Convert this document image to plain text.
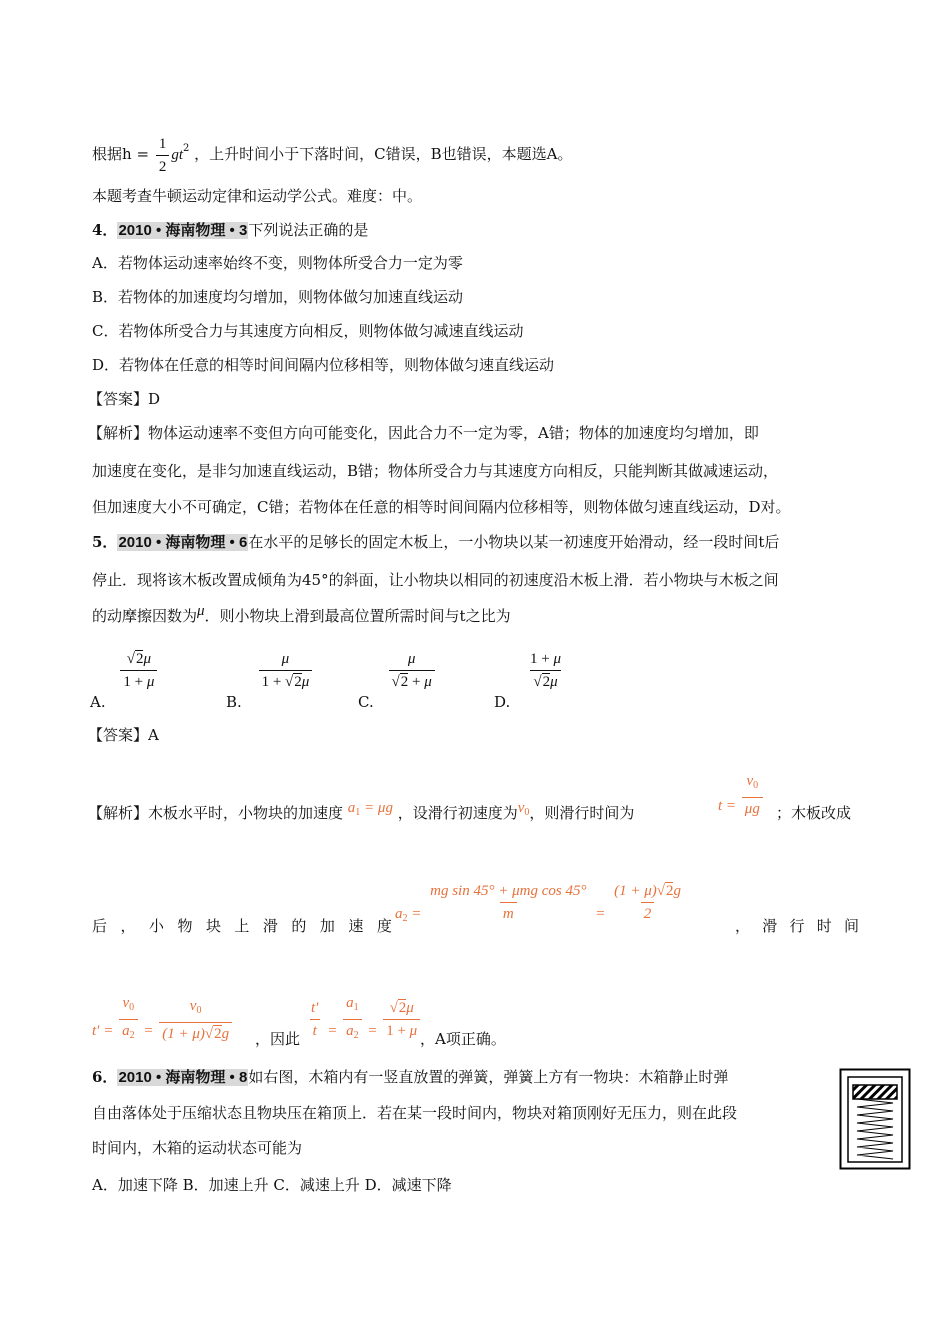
根据$h = \frac{1}{2} gt^2$ ，上升时间小于下落时间，C错误，B也错误，本题选A。
本题考查牛顿运动定律和运动学公式。难度：中。
4．2010 • 海南物理 • 3下列说法正确的是
A．若物体运动速率始终不变，则物体所受合力一定为零
B．若物体的加速度均匀增加，则物体做匀加速直线运动
C．若物体所受合力与其速度方向相反，则物体做匀减速直线运动
D．若物体在任意的相等时间间隔内位移相等，则物体做匀速直线运动
【答案】D
【解析】物体运动速率不变但方向可能变化，因此合力不一定为零，A错；物体的加速度均匀增加，即
加速度在变化，是非匀加速直线运动，B错；物体所受合力与其速度方向相反，只能判断其做减速运动，
但加速度大小不可确定，C错；若物体在任意的相等时间间隔内位移相等，则物体做匀速直线运动，D对。
5．2010 • 海南物理 • 6在水平的足够长的固定木板上，一小物块以某一初速度开始滑动，经一段时间t后
停止．现将该木板改置成倾角为45°的斜面，让小物块以相同的初速度沿木板上滑．若小物块与木板之间
的动摩擦因数为μ．则小物块上滑到最高位置所需时间与t之比为
A.
$\frac{√2\mu}{1 + \mu}$
B.
$\frac{\mu}{1 + √2\mu}$
C.
$\frac{\mu}{√2 + \mu}$
D.
$\frac{1 + \mu}{√2\mu}$
【答案】A
【解析】木板水平时，小物块的加速度 $a_1 = \mu g$ ，设滑行初速度为$v_0$，则滑行时间为	$t = \frac{v_0}{\mu g}$ ；木板改成
后 ， 小 物 块 上 滑 的 加 速 度
$a_2 = \frac{\text{mg sin 45° + μmg cos 45°}}{m} = \frac{(1 + \mu)√2g}{2}$
， 滑 行 时 间
$t' = \frac{v_0}{a_2} = \frac{v_0}{(1 + \mu)√2g}$ ，因此 $\frac{t'}{t} = \frac{a_1}{a_2} = \frac{√2\mu}{1 + \mu}$ ，A项正确。
6．2010 • 海南物理 • 8如右图，木箱内有一竖直放置的弹簧，弹簧上方有一物块：木箱静止时弹
自由落体处于压缩状态且物块压在箱顶上．若在某一段时间内，物块对箱顶刚好无压力，则在此段
时间内，木箱的运动状态可能为
A．加速下降 B．加速上升 C．减速上升 D．减速下降
